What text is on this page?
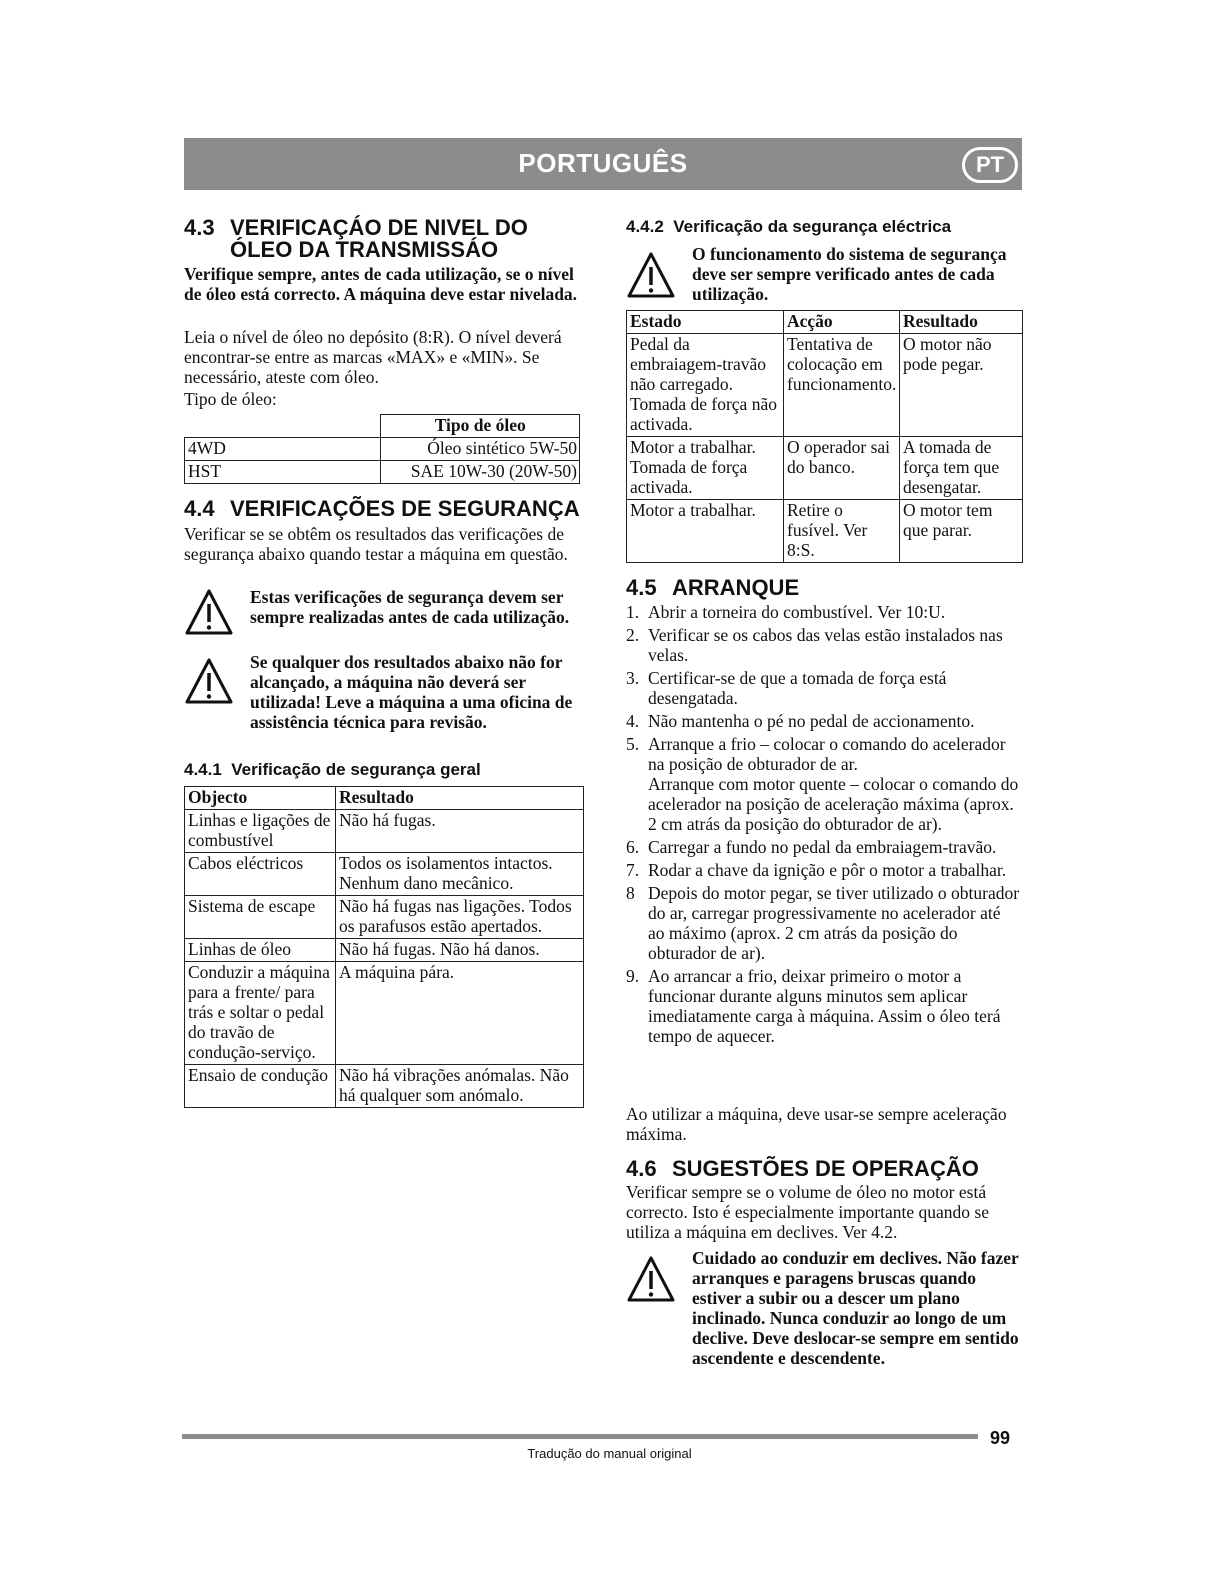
PORTUGUÊS	PT
4.3 VERIFICAÇÁO DE NIVEL DO
ÓLEO DA TRANSMISSÁO

Verifique sempre, antes de cada utilização, se o nível de óleo está correcto. A máquina deve estar nivelada.

Leia o nível de óleo no depósito (8:R). O nível deverá encontrar-se entre as marcas «MAX» e «MIN». Se necessário, ateste com óleo.

Tipo de óleo:

	Tipo de óleo
4WD	Óleo sintético 5W-50
HST	SAE 10W-30 (20W-50)
4.4 VERIFICAÇÕES DE SEGURANÇA

Verificar se se obtêm os resultados das verificações de segurança abaixo quando testar a máquina em questão.

Estas verificações de segurança devem ser sempre realizadas antes de cada utilização.
Se qualquer dos resultados abaixo não for alcançado, a máquina não deverá ser utilizada! Leve a máquina a uma oficina de assistência técnica para revisão.
4.4.1 Verificação de segurança geral
Objecto	Resultado
Linhas e ligações de combustível	Não há fugas.
Cabos eléctricos	Todos os isolamentos intactos. Nenhum dano mecânico.
Sistema de escape	Não há fugas nas ligações. Todos os parafusos estão apertados.
Linhas de óleo	Não há fugas. Não há danos.
Conduzir a máquina para a frente/ para trás e soltar o pedal do travão de condução-serviço.	A máquina pára.
Ensaio de condução	Não há vibrações anómalas. Não há qualquer som anómalo.
4.4.2 Verificação da segurança eléctrica
O funcionamento do sistema de segurança deve ser sempre verificado antes de cada utilização.
Estado	Acção	Resultado
Pedal da embraiagem-travão não carregado. Tomada de força não activada.	Tentativa de colocação em funcionamento.	O motor não pode pegar.
Motor a trabalhar. Tomada de força activada.	O operador sai do banco.	A tomada de força tem que desengatar.
Motor a trabalhar.	Retire o fusível. Ver 8:S.	O motor tem que parar.
4.5 ARRANQUE
1. Abrir a torneira do combustível. Ver 10:U.
2. Verificar se os cabos das velas estão instalados nas velas.
3. Certificar-se de que a tomada de força está desengatada.
4. Não mantenha o pé no pedal de accionamento.
5. Arranque a frio – colocar o comando do acelerador na posição de obturador de ar.
Arranque com motor quente – colocar o comando do acelerador na posição de aceleração máxima (aprox. 2 cm atrás da posição do obturador de ar).
6. Carregar a fundo no pedal da embraiagem-travão.
7. Rodar a chave da ignição e pôr o motor a trabalhar.
8 Depois do motor pegar, se tiver utilizado o obturador do ar, carregar progressivamente no acelerador até ao máximo (aprox. 2 cm atrás da posição do obturador de ar).
9. Ao arrancar a frio, deixar primeiro o motor a funcionar durante alguns minutos sem aplicar imediatamente carga à máquina. Assim o óleo terá tempo de aquecer.

Ao utilizar a máquina, deve usar-se sempre aceleração máxima.

4.6 SUGESTÕES DE OPERAÇÃO

Verificar sempre se o volume de óleo no motor está correcto. Isto é especialmente importante quando se utiliza a máquina em declives. Ver 4.2.

Cuidado ao conduzir em declives. Não fazer arranques e paragens bruscas quando estiver a subir ou a descer um plano inclinado. Nunca conduzir ao longo de um declive. Deve deslocar-se sempre em sentido ascendente e descendente.
99
Tradução do manual original
